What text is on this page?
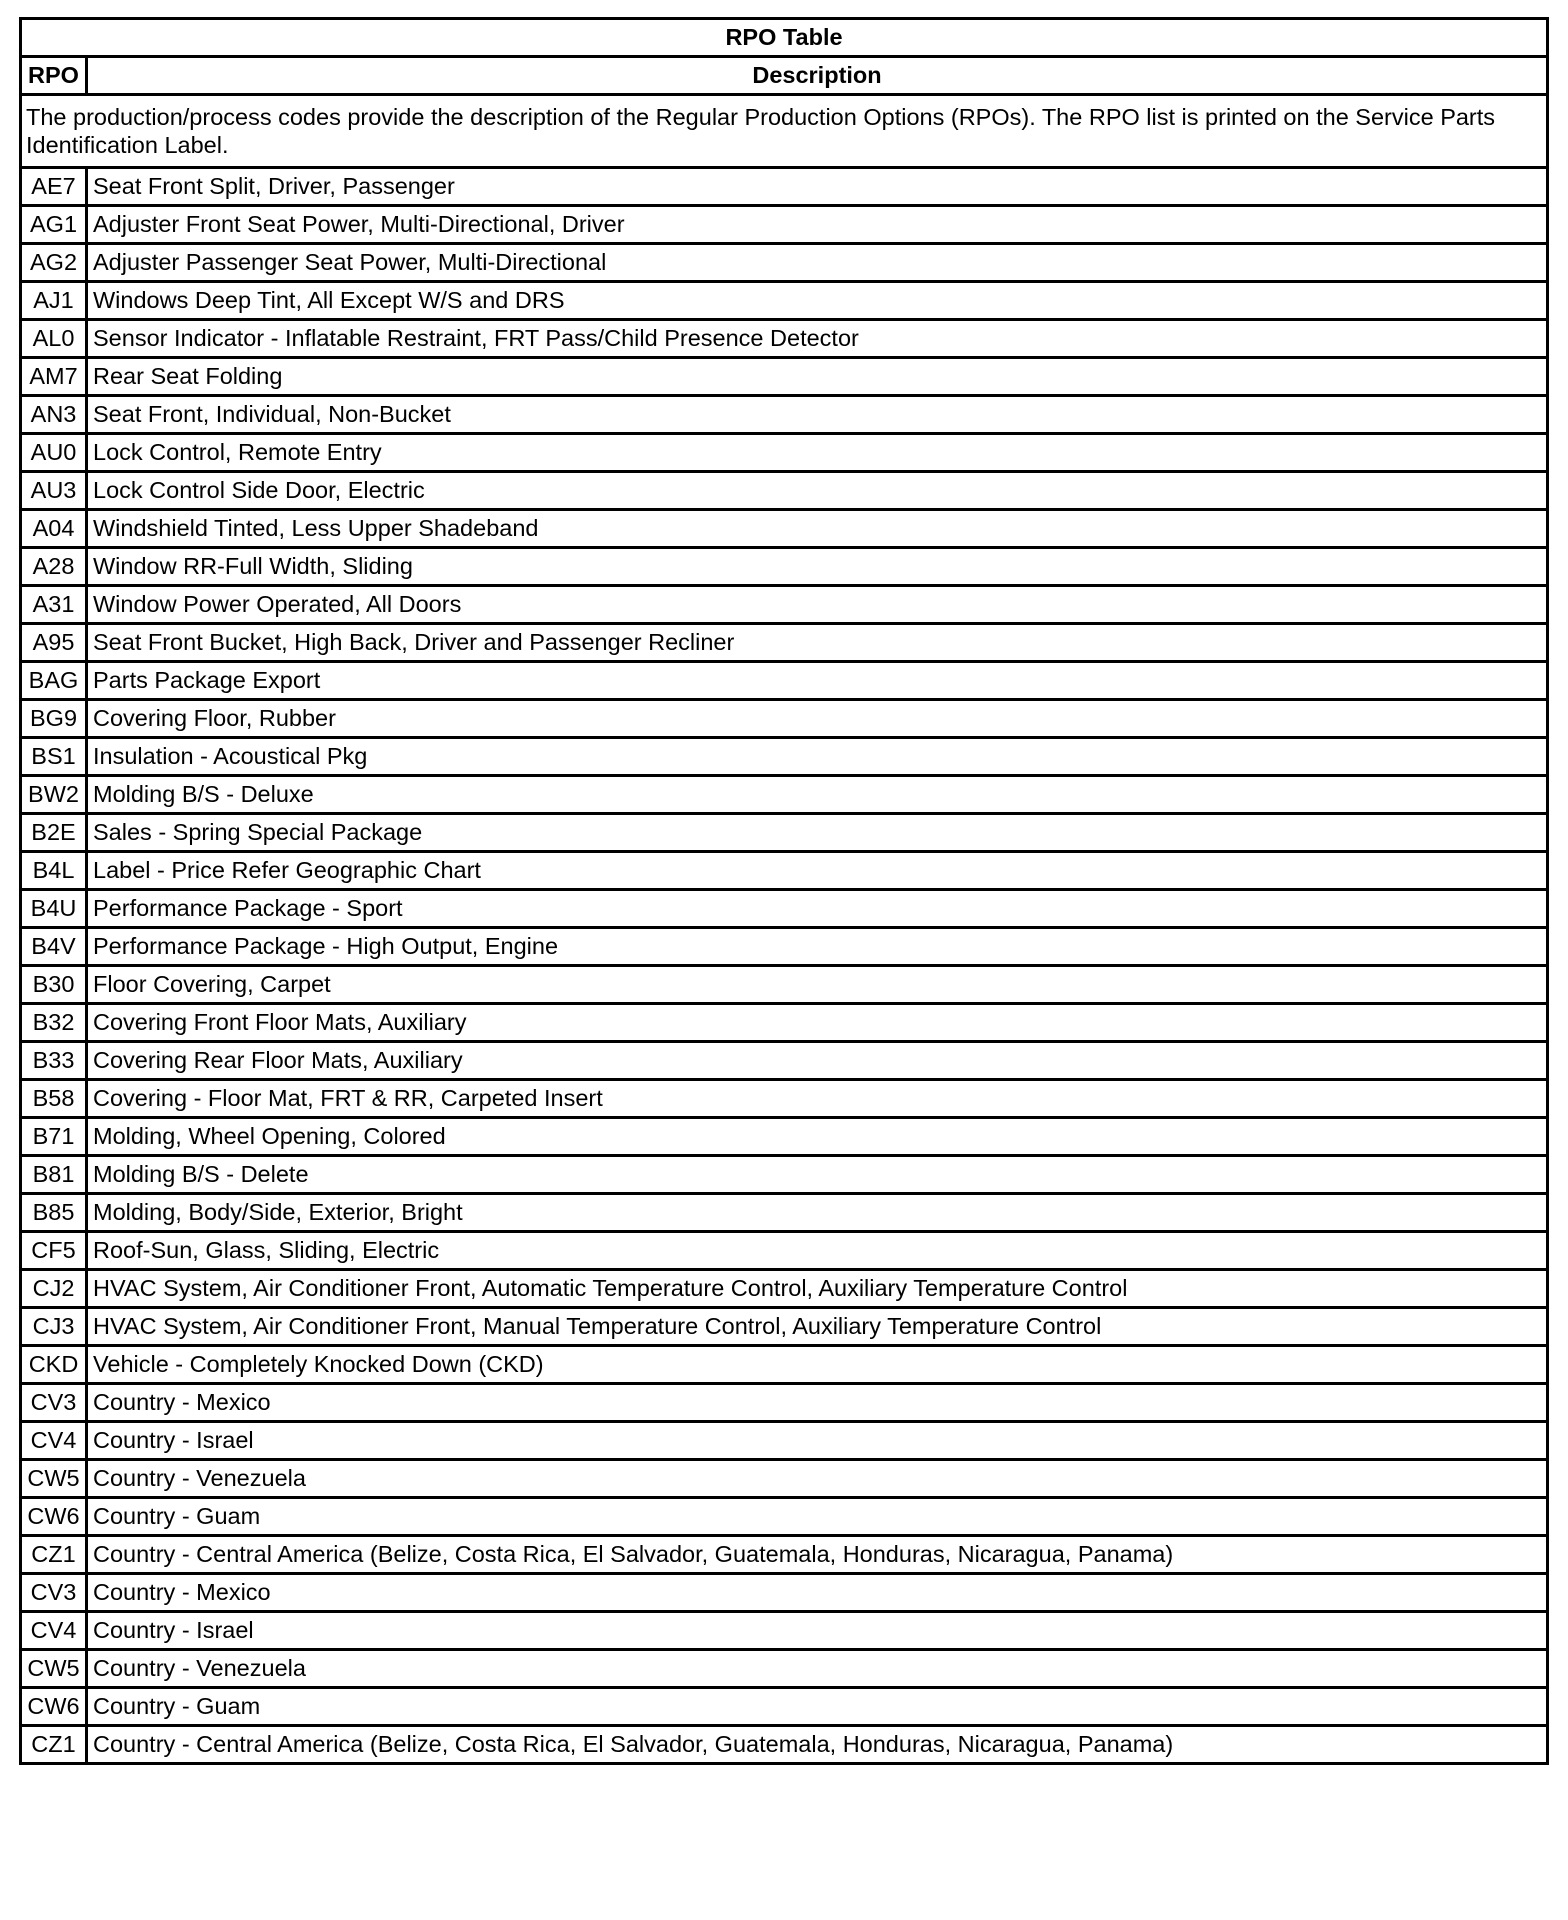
RPO Table	
RPO	Description
The production/process codes provide the description of the Regular Production Options (RPOs). The RPO list is printed on the Service Parts Identification Label.	
AE7	Seat Front Split, Driver, Passenger
AG1	Adjuster Front Seat Power, Multi-Directional, Driver
AG2	Adjuster Passenger Seat Power, Multi-Directional
AJ1	Windows Deep Tint, All Except W/S and DRS
AL0	Sensor Indicator - Inflatable Restraint, FRT Pass/Child Presence Detector
AM7	Rear Seat Folding
AN3	Seat Front, Individual, Non-Bucket
AU0	Lock Control, Remote Entry
AU3	Lock Control Side Door, Electric
A04	Windshield Tinted, Less Upper Shadeband
A28	Window RR-Full Width, Sliding
A31	Window Power Operated, All Doors
A95	Seat Front Bucket, High Back, Driver and Passenger Recliner
BAG	Parts Package Export
BG9	Covering Floor, Rubber
BS1	Insulation - Acoustical Pkg
BW2	Molding B/S - Deluxe
B2E	Sales - Spring Special Package
B4L	Label - Price Refer Geographic Chart
B4U	Performance Package - Sport
B4V	Performance Package - High Output, Engine
B30	Floor Covering, Carpet
B32	Covering Front Floor Mats, Auxiliary
B33	Covering Rear Floor Mats, Auxiliary
B58	Covering - Floor Mat, FRT & RR, Carpeted Insert
B71	Molding, Wheel Opening, Colored
B81	Molding B/S - Delete
B85	Molding, Body/Side, Exterior, Bright
CF5	Roof-Sun, Glass, Sliding, Electric
CJ2	HVAC System, Air Conditioner Front, Automatic Temperature Control, Auxiliary Temperature Control
CJ3	HVAC System, Air Conditioner Front, Manual Temperature Control, Auxiliary Temperature Control
CKD	Vehicle - Completely Knocked Down (CKD)
CV3	Country - Mexico
CV4	Country - Israel
CW5	Country - Venezuela
CW6	Country - Guam
CZ1	Country - Central America (Belize, Costa Rica, El Salvador, Guatemala, Honduras, Nicaragua, Panama)
CV3	Country - Mexico
CV4	Country - Israel
CW5	Country - Venezuela
CW6	Country - Guam
CZ1	Country - Central America (Belize, Costa Rica, El Salvador, Guatemala, Honduras, Nicaragua, Panama)
